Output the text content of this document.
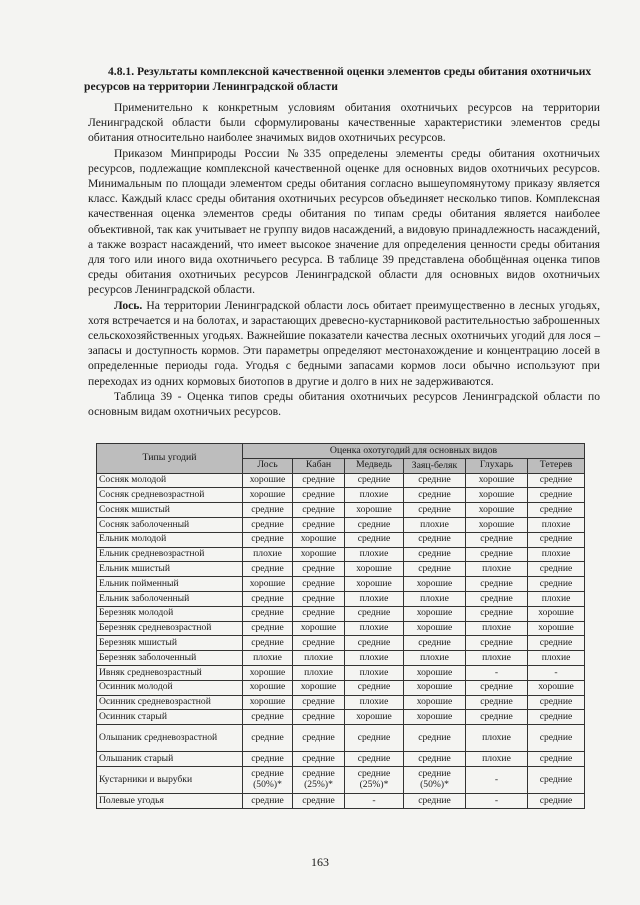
4.8.1. Результаты комплексной качественной оценки элементов среды обитания охотничьих ресурсов на территории Ленинградской области

Применительно к конкретным условиям обитания охотничьих ресурсов на территории Ленинградской области были сформулированы качественные характеристики элементов среды обитания относительно наиболее значимых видов охотничьих ресурсов.

Приказом Минприроды России №335 определены элементы среды обитания охотничьих ресурсов, подлежащие комплексной качественной оценке для основных видов охотничьих ресурсов. Минимальным по площади элементом среды обитания согласно вышеупомянутому приказу является класс. Каждый класс среды обитания охотничьих ресурсов объединяет несколько типов. Комплексная качественная оценка элементов среды обитания по типам среды обитания является наиболее объективной, так как учитывает не группу видов насаждений, а видовую принадлежность насаждений, а также возраст насаждений, что имеет высокое значение для определения ценности среды обитания для того или иного вида охотничьего ресурса. В таблице 39 представлена обобщённая оценка типов среды обитания охотничьих ресурсов Ленинградской области для основных видов охотничьих ресурсов Ленинградской области.

Лось. На территории Ленинградской области лось обитает преимущественно в лесных угодьях, хотя встречается и на болотах, и зарастающих древесно-кустарниковой растительностью заброшенных сельскохозяйственных угодьях. Важнейшие показатели качества лесных охотничьих угодий для лося – запасы и доступность кормов. Эти параметры определяют местонахождение и концентрацию лосей в определенные периоды года. Угодья с бедными запасами кормов лоси обычно используют при переходах из одних кормовых биотопов в другие и долго в них не задерживаются.

Таблица 39 - Оценка типов среды обитания охотничьих ресурсов Ленинградской области по основным видам охотничьих ресурсов.

Типы угодий	Оценка охотугодий для основных видов					
	Лось	Кабан	Медведь	Заяц-беляк	Глухарь	Тетерев
Сосняк молодой	хорошие	средние	средние	средние	хорошие	средние
Сосняк средневозрастной	хорошие	средние	плохие	средние	хорошие	средние
Сосняк мшистый	средние	средние	хорошие	средние	хорошие	средние
Сосняк заболоченный	средние	средние	средние	плохие	хорошие	плохие
Ельник молодой	средние	хорошие	средние	средние	средние	средние
Ельник средневозрастной	плохие	хорошие	плохие	средние	средние	плохие
Ельник мшистый	средние	средние	хорошие	средние	плохие	средние
Ельник пойменный	хорошие	средние	хорошие	хорошие	средние	средние
Ельник заболоченный	средние	средние	плохие	плохие	средние	плохие
Березняк молодой	средние	средние	средние	хорошие	средние	хорошие
Березняк средневозрастной	средние	хорошие	плохие	хорошие	плохие	хорошие
Березняк мшистый	средние	средние	средние	средние	средние	средние
Березняк заболоченный	плохие	плохие	плохие	плохие	плохие	плохие
Ивняк средневозрастный	хорошие	плохие	плохие	хорошие	-	-
Осинник молодой	хорошие	хорошие	средние	хорошие	средние	хорошие
Осинник средневозрастной	хорошие	средние	плохие	хорошие	средние	средние
Осинник старый	средние	средние	хорошие	хорошие	средние	средние
Ольшаник средневозрастной	средние	средние	средние	средние	плохие	средние
Ольшаник старый	средние	средние	средние	средние	плохие	средние
Кустарники и вырубки	средние (50%)*	средние (25%)*	средние (25%)*	средние (50%)*	-	средние
Полевые угодья	средние	средние	-	средние	-	средние
163
